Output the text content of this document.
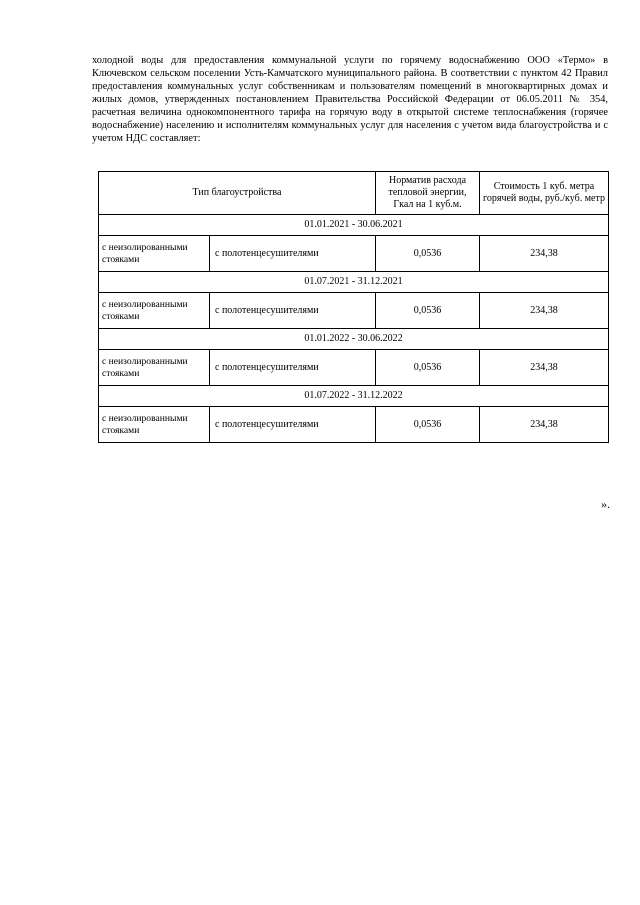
холодной воды для предоставления коммунальной услуги по горячему водоснабжению ООО «Термо» в Ключевском сельском поселении Усть-Камчатского муниципального района. В соответствии с пунктом 42 Правил предоставления коммунальных услуг собственникам и пользователям помещений в многоквартирных домах и жилых домов, утвержденных постановлением Правительства Российской Федерации от 06.05.2011 № 354, расчетная величина однокомпонентного тарифа на горячую воду в открытой системе теплоснабжения (горячее водоснабжение) населению и исполнителям коммунальных услуг для населения с учетом вида благоустройства и с учетом НДС составляет:

Тип благоустройства		Норматив расхода тепловой энергии, Гкал на 1 куб.м.	Стоимость 1 куб. метра горячей воды, руб./куб. метр
01.01.2021 - 30.06.2021			
с неизолированными стояками	с полотенцесушителями	0,0536	234,38
01.07.2021 - 31.12.2021			
с неизолированными стояками	с полотенцесушителями	0,0536	234,38
01.01.2022 - 30.06.2022			
с неизолированными стояками	с полотенцесушителями	0,0536	234,38
01.07.2022 - 31.12.2022			
с неизолированными стояками	с полотенцесушителями	0,0536	234,38
».
